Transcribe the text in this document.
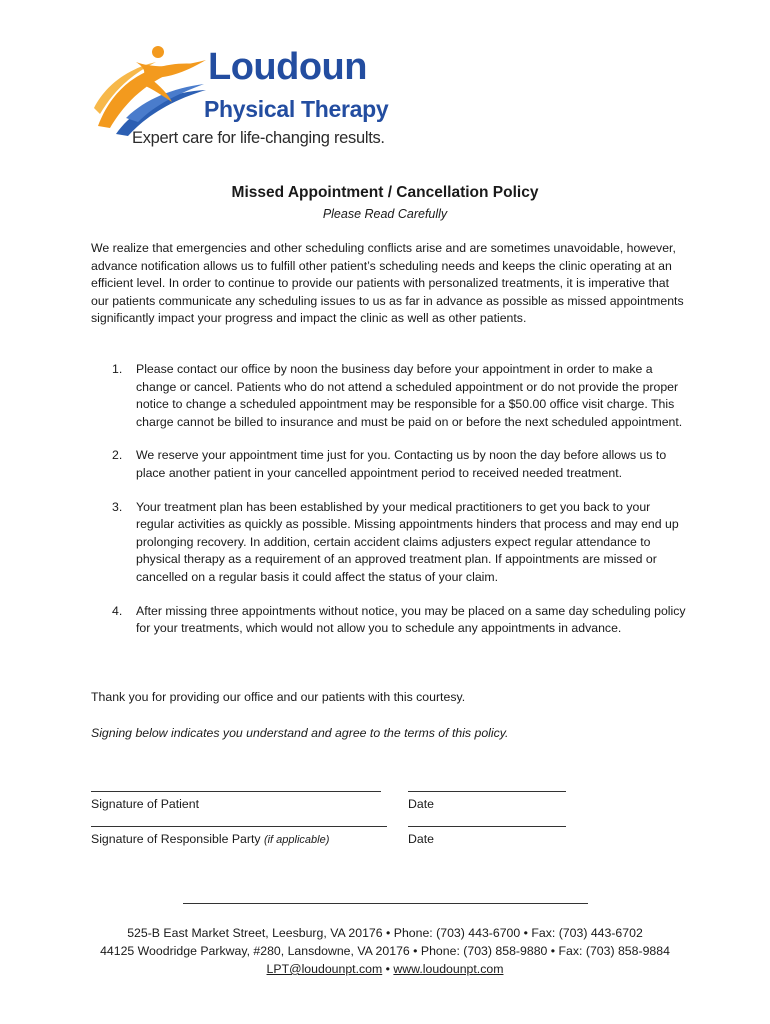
Loudoun
Physical Therapy
Expert care for life-changing results.
Missed Appointment / Cancellation Policy
Please Read Carefully

We realize that emergencies and other scheduling conflicts arise and are sometimes unavoidable, however, advance notification allows us to fulfill other patient’s scheduling needs and keeps the clinic operating at an efficient level. In order to continue to provide our patients with personalized treatments, it is imperative that our patients communicate any scheduling issues to us as far in advance as possible as missed appointments significantly impact your progress and impact the clinic as well as other patients.

1. Please contact our office by noon the business day before your appointment in order to make a change or cancel. Patients who do not attend a scheduled appointment or do not provide the proper notice to change a scheduled appointment may be responsible for a $50.00 office visit charge. This charge cannot be billed to insurance and must be paid on or before the next scheduled appointment.
2. We reserve your appointment time just for you. Contacting us by noon the day before allows us to place another patient in your cancelled appointment period to received needed treatment.
3. Your treatment plan has been established by your medical practitioners to get you back to your regular activities as quickly as possible. Missing appointments hinders that process and may end up prolonging recovery. In addition, certain accident claims adjusters expect regular attendance to physical therapy as a requirement of an approved treatment plan. If appointments are missed or cancelled on a regular basis it could affect the status of your claim.
4. After missing three appointments without notice, you may be placed on a same day scheduling policy for your treatments, which would not allow you to schedule any appointments in advance.

Thank you for providing our office and our patients with this courtesy.

Signing below indicates you understand and agree to the terms of this policy.

Signature of Patient	Date
Signature of Responsible Party (if applicable)	Date
525-B East Market Street, Leesburg, VA 20176 • Phone: (703) 443-6700 • Fax: (703) 443-6702
44125 Woodridge Parkway, #280, Lansdowne, VA 20176 • Phone: (703) 858-9880 • Fax: (703) 858-9884
LPT@loudounpt.com • www.loudounpt.com
